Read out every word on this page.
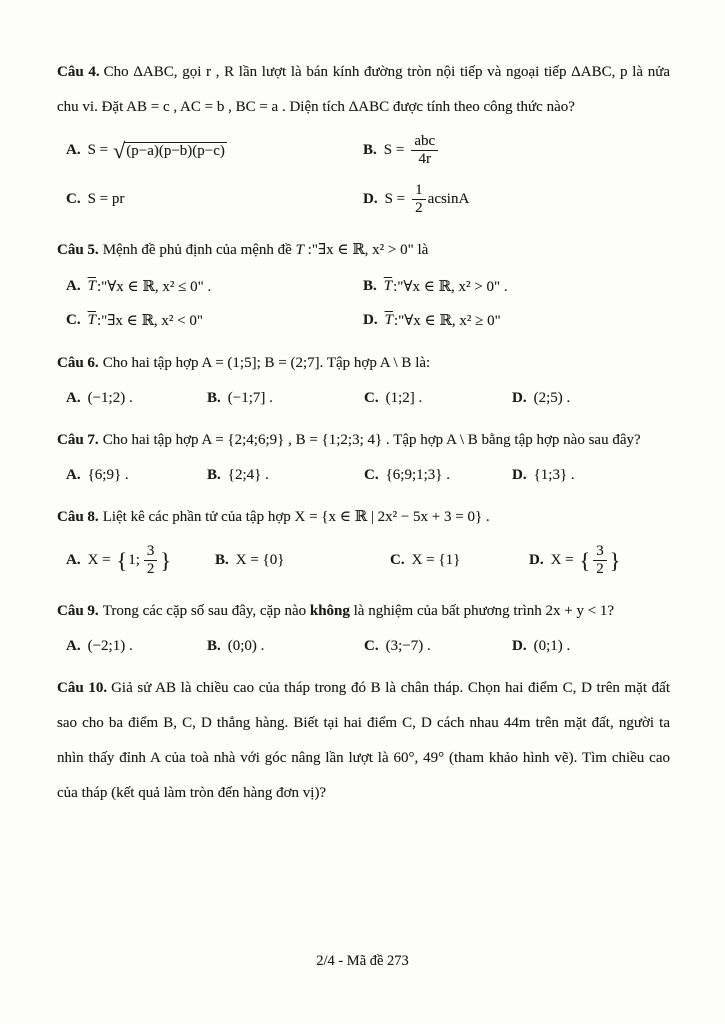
Câu 4. Cho ΔABC, gọi r , R lần lượt là bán kính đường tròn nội tiếp và ngoại tiếp ΔABC, p là nửa chu vi. Đặt AB = c , AC = b , BC = a . Diện tích ΔABC được tính theo công thức nào?

A. S = √ (p−a)(p−b)(p−c)	B. $S = \frac{\text{abc}}{4r}$
C. S = pr	D. $S = \frac{1}{2}$ acsinA

Câu 5. Mệnh đề phủ định của mệnh đề T :"∃x ∈ ℝ, x² > 0" là

A. $\overline{T}$ :"∀x ∈ ℝ, x² ≤ 0" .	B. $\overline{T}$ :"∀x ∈ ℝ, x² > 0" .
C. $\overline{T}$ :"∃x ∈ ℝ, x² < 0"	D. $\overline{T}$ :"∀x ∈ ℝ, x² ≥ 0"

Câu 6. Cho hai tập hợp A = (1;5]; B = (2;7]. Tập hợp A \ B là:

A. (−1;2) .	B. (−1;7] .	C. (1;2] .	D. (2;5) .

Câu 7. Cho hai tập hợp A = {2;4;6;9} , B = {1;2;3; 4} . Tập hợp A \ B bằng tập hợp nào sau đây?

A. {6;9} .	B. {2;4} .	C. {6;9;1;3} .	D. {1;3} .

Câu 8. Liệt kê các phần tử của tập hợp X = {x ∈ ℝ | 2x² − 5x + 3 = 0} .

A. X = { 1; $\frac{3}{2}$ }	B. X = {0}	C. X = {1}	D. X = { $\frac{3}{2}$ }

Câu 9. Trong các cặp số sau đây, cặp nào không là nghiệm của bất phương trình 2x + y < 1?

A. (−2;1) .	B. (0;0) .	C. (3;−7) .	D. (0;1) .

Câu 10. Giả sử AB là chiều cao của tháp trong đó B là chân tháp. Chọn hai điểm C, D trên mặt đất sao cho ba điểm B, C, D thẳng hàng. Biết tại hai điểm C, D cách nhau 44m trên mặt đất, người ta nhìn thấy đỉnh A của toà nhà với góc nâng lần lượt là 60°, 49° (tham khảo hình vẽ). Tìm chiều cao của tháp (kết quả làm tròn đến hàng đơn vị)?

2/4 - Mã đề 273
